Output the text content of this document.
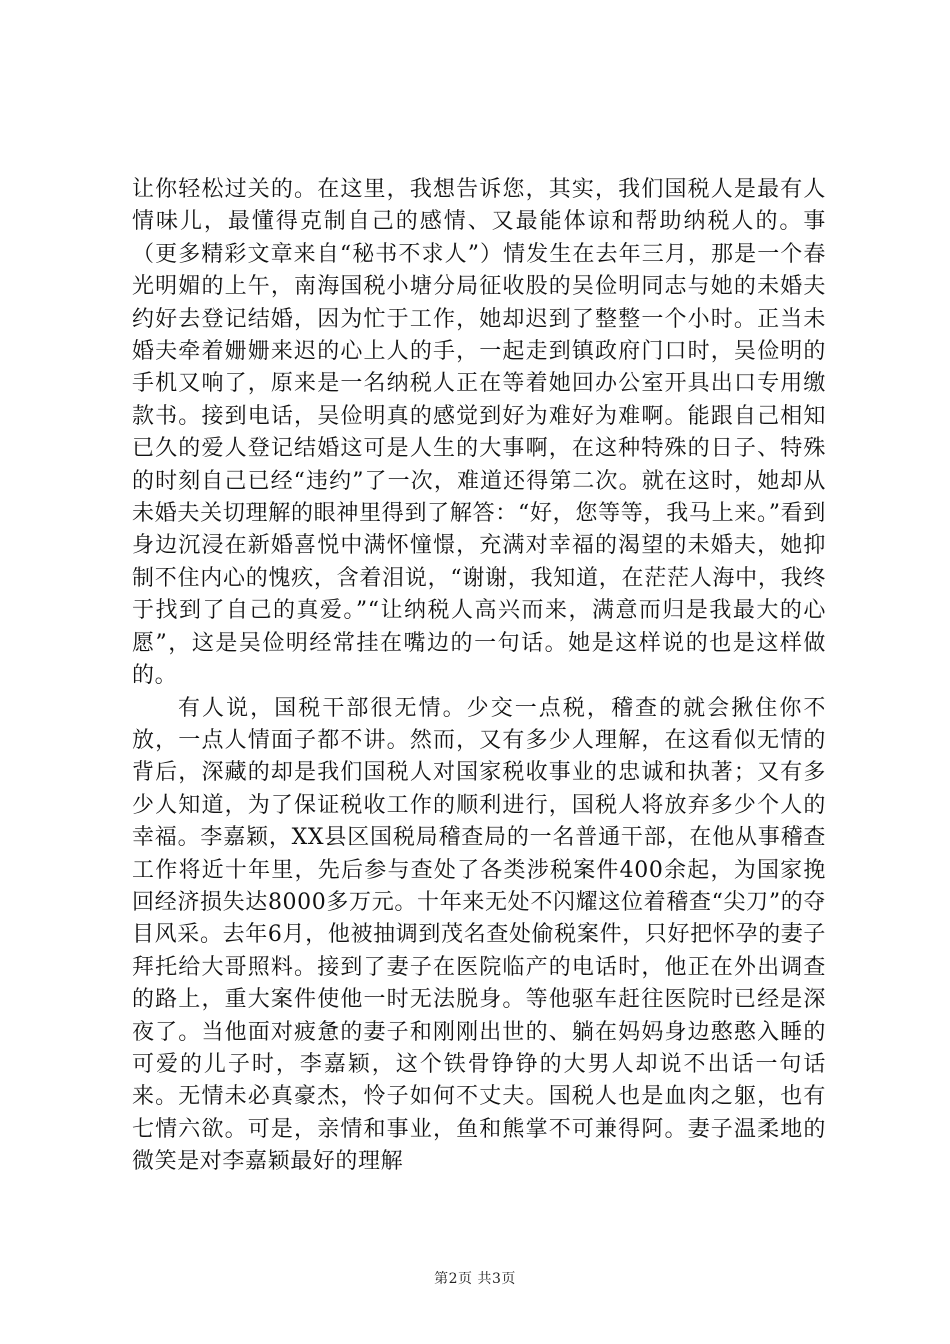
让你轻松过关的。在这里，我想告诉您，其实，我们国税人是最有人情味儿，最懂得克制自己的感情、又最能体谅和帮助纳税人的。事（更多精彩文章来自“秘书不求人”）情发生在去年三月，那是一个春光明媚的上午，南海国税小塘分局征收股的吴俭明同志与她的未婚夫约好去登记结婚，因为忙于工作，她却迟到了整整一个小时。正当未婚夫牵着姗姗来迟的心上人的手，一起走到镇政府门口时，吴俭明的手机又响了，原来是一名纳税人正在等着她回办公室开具出口专用缴款书。接到电话，吴俭明真的感觉到好为难好为难啊。能跟自己相知已久的爱人登记结婚这可是人生的大事啊，在这种特殊的日子、特殊的时刻自己已经“违约”了一次，难道还得第二次。就在这时，她却从未婚夫关切理解的眼神里得到了解答：“好，您等等，我马上来。”看到身边沉浸在新婚喜悦中满怀憧憬，充满对幸福的渴望的未婚夫，她抑制不住内心的愧疚，含着泪说，“谢谢，我知道，在茫茫人海中，我终于找到了自己的真爱。”“让纳税人高兴而来，满意而归是我最大的心愿”，这是吴俭明经常挂在嘴边的一句话。她是这样说的也是这样做的。

有人说，国税干部很无情。少交一点税，稽查的就会揪住你不放，一点人情面子都不讲。然而，又有多少人理解，在这看似无情的背后，深藏的却是我们国税人对国家税收事业的忠诚和执著；又有多少人知道，为了保证税收工作的顺利进行，国税人将放弃多少个人的幸福。李嘉颖，XX县区国税局稽查局的一名普通干部，在他从事稽查工作将近十年里，先后参与查处了各类涉税案件400余起，为国家挽回经济损失达8000多万元。十年来无处不闪耀这位着稽查“尖刀”的夺目风采。去年6月，他被抽调到茂名查处偷税案件，只好把怀孕的妻子拜托给大哥照料。接到了妻子在医院临产的电话时，他正在外出调查的路上，重大案件使他一时无法脱身。等他驱车赶往医院时已经是深夜了。当他面对疲惫的妻子和刚刚出世的、躺在妈妈身边憨憨入睡的可爱的儿子时，李嘉颖，这个铁骨铮铮的大男人却说不出话一句话来。无情未必真豪杰，怜子如何不丈夫。国税人也是血肉之躯，也有七情六欲。可是，亲情和事业，鱼和熊掌不可兼得阿。妻子温柔地的微笑是对李嘉颖最好的理解

第2页 共3页
